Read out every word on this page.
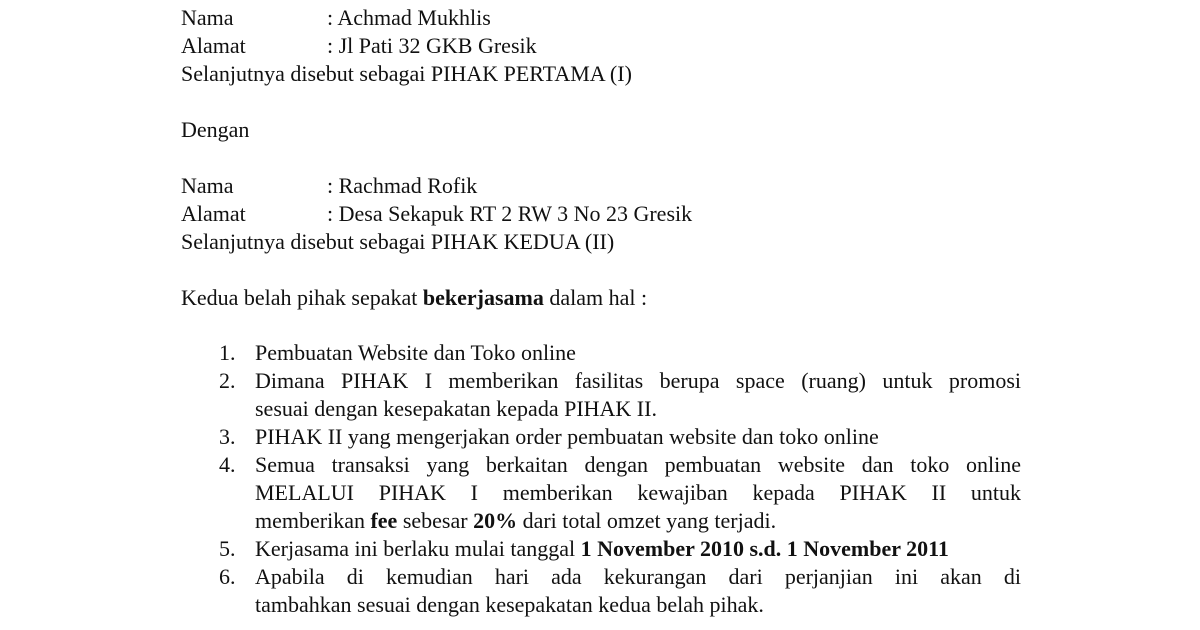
Nama	: Achmad Mukhlis
Alamat	: Jl Pati 32 GKB Gresik
Selanjutnya disebut sebagai PIHAK PERTAMA (I)
Dengan
Nama	: Rachmad Rofik
Alamat	: Desa Sekapuk RT 2 RW 3 No 23 Gresik
Selanjutnya disebut sebagai PIHAK KEDUA (II)
Kedua belah pihak sepakat bekerjasama dalam hal :
1. Pembuatan Website dan Toko online
2. Dimana PIHAK I memberikan fasilitas berupa space (ruang) untuk promosi
sesuai dengan kesepakatan kepada PIHAK II.
3. PIHAK II yang mengerjakan order pembuatan website dan toko online
4. Semua transaksi yang berkaitan dengan pembuatan website dan toko online
MELALUI PIHAK I memberikan kewajiban kepada PIHAK II untuk
memberikan fee sebesar 20% dari total omzet yang terjadi.
5. Kerjasama ini berlaku mulai tanggal 1 November 2010 s.d. 1 November 2011
6. Apabila di kemudian hari ada kekurangan dari perjanjian ini akan di
tambahkan sesuai dengan kesepakatan kedua belah pihak.
